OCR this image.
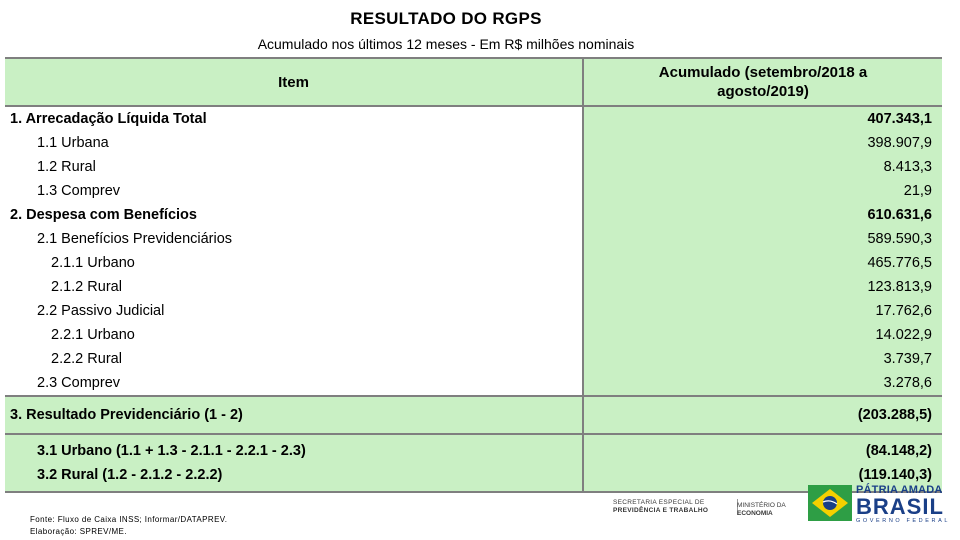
RESULTADO DO RGPS
Acumulado nos últimos 12 meses - Em R$ milhões nominais
Item
Acumulado (setembro/2018 a agosto/2019)
1. Arrecadação Líquida Total
1.1 Urbana
1.2 Rural
1.3 Comprev
2. Despesa com Benefícios
2.1 Benefícios Previdenciários
2.1.1 Urbano
2.1.2 Rural
2.2 Passivo Judicial
2.2.1 Urbano
2.2.2 Rural
2.3 Comprev
407.343,1
398.907,9
8.413,3
21,9
610.631,6
589.590,3
465.776,5
123.813,9
17.762,6
14.022,9
3.739,7
3.278,6
3. Resultado Previdenciário (1 - 2)	(203.288,5)
3.1 Urbano (1.1 + 1.3 - 2.1.1 - 2.2.1 - 2.3)
3.2 Rural (1.2 - 2.1.2 - 2.2.2)
(84.148,2)
(119.140,3)
Fonte: Fluxo de Caixa INSS; Informar/DATAPREV.
Elaboração: SPREV/ME.
SECRETARIA ESPECIAL DE
PREVIDÊNCIA E TRABALHO
MINISTÉRIO DA
ECONOMIA
PÁTRIA AMADA
BRASIL
GOVERNO FEDERAL
